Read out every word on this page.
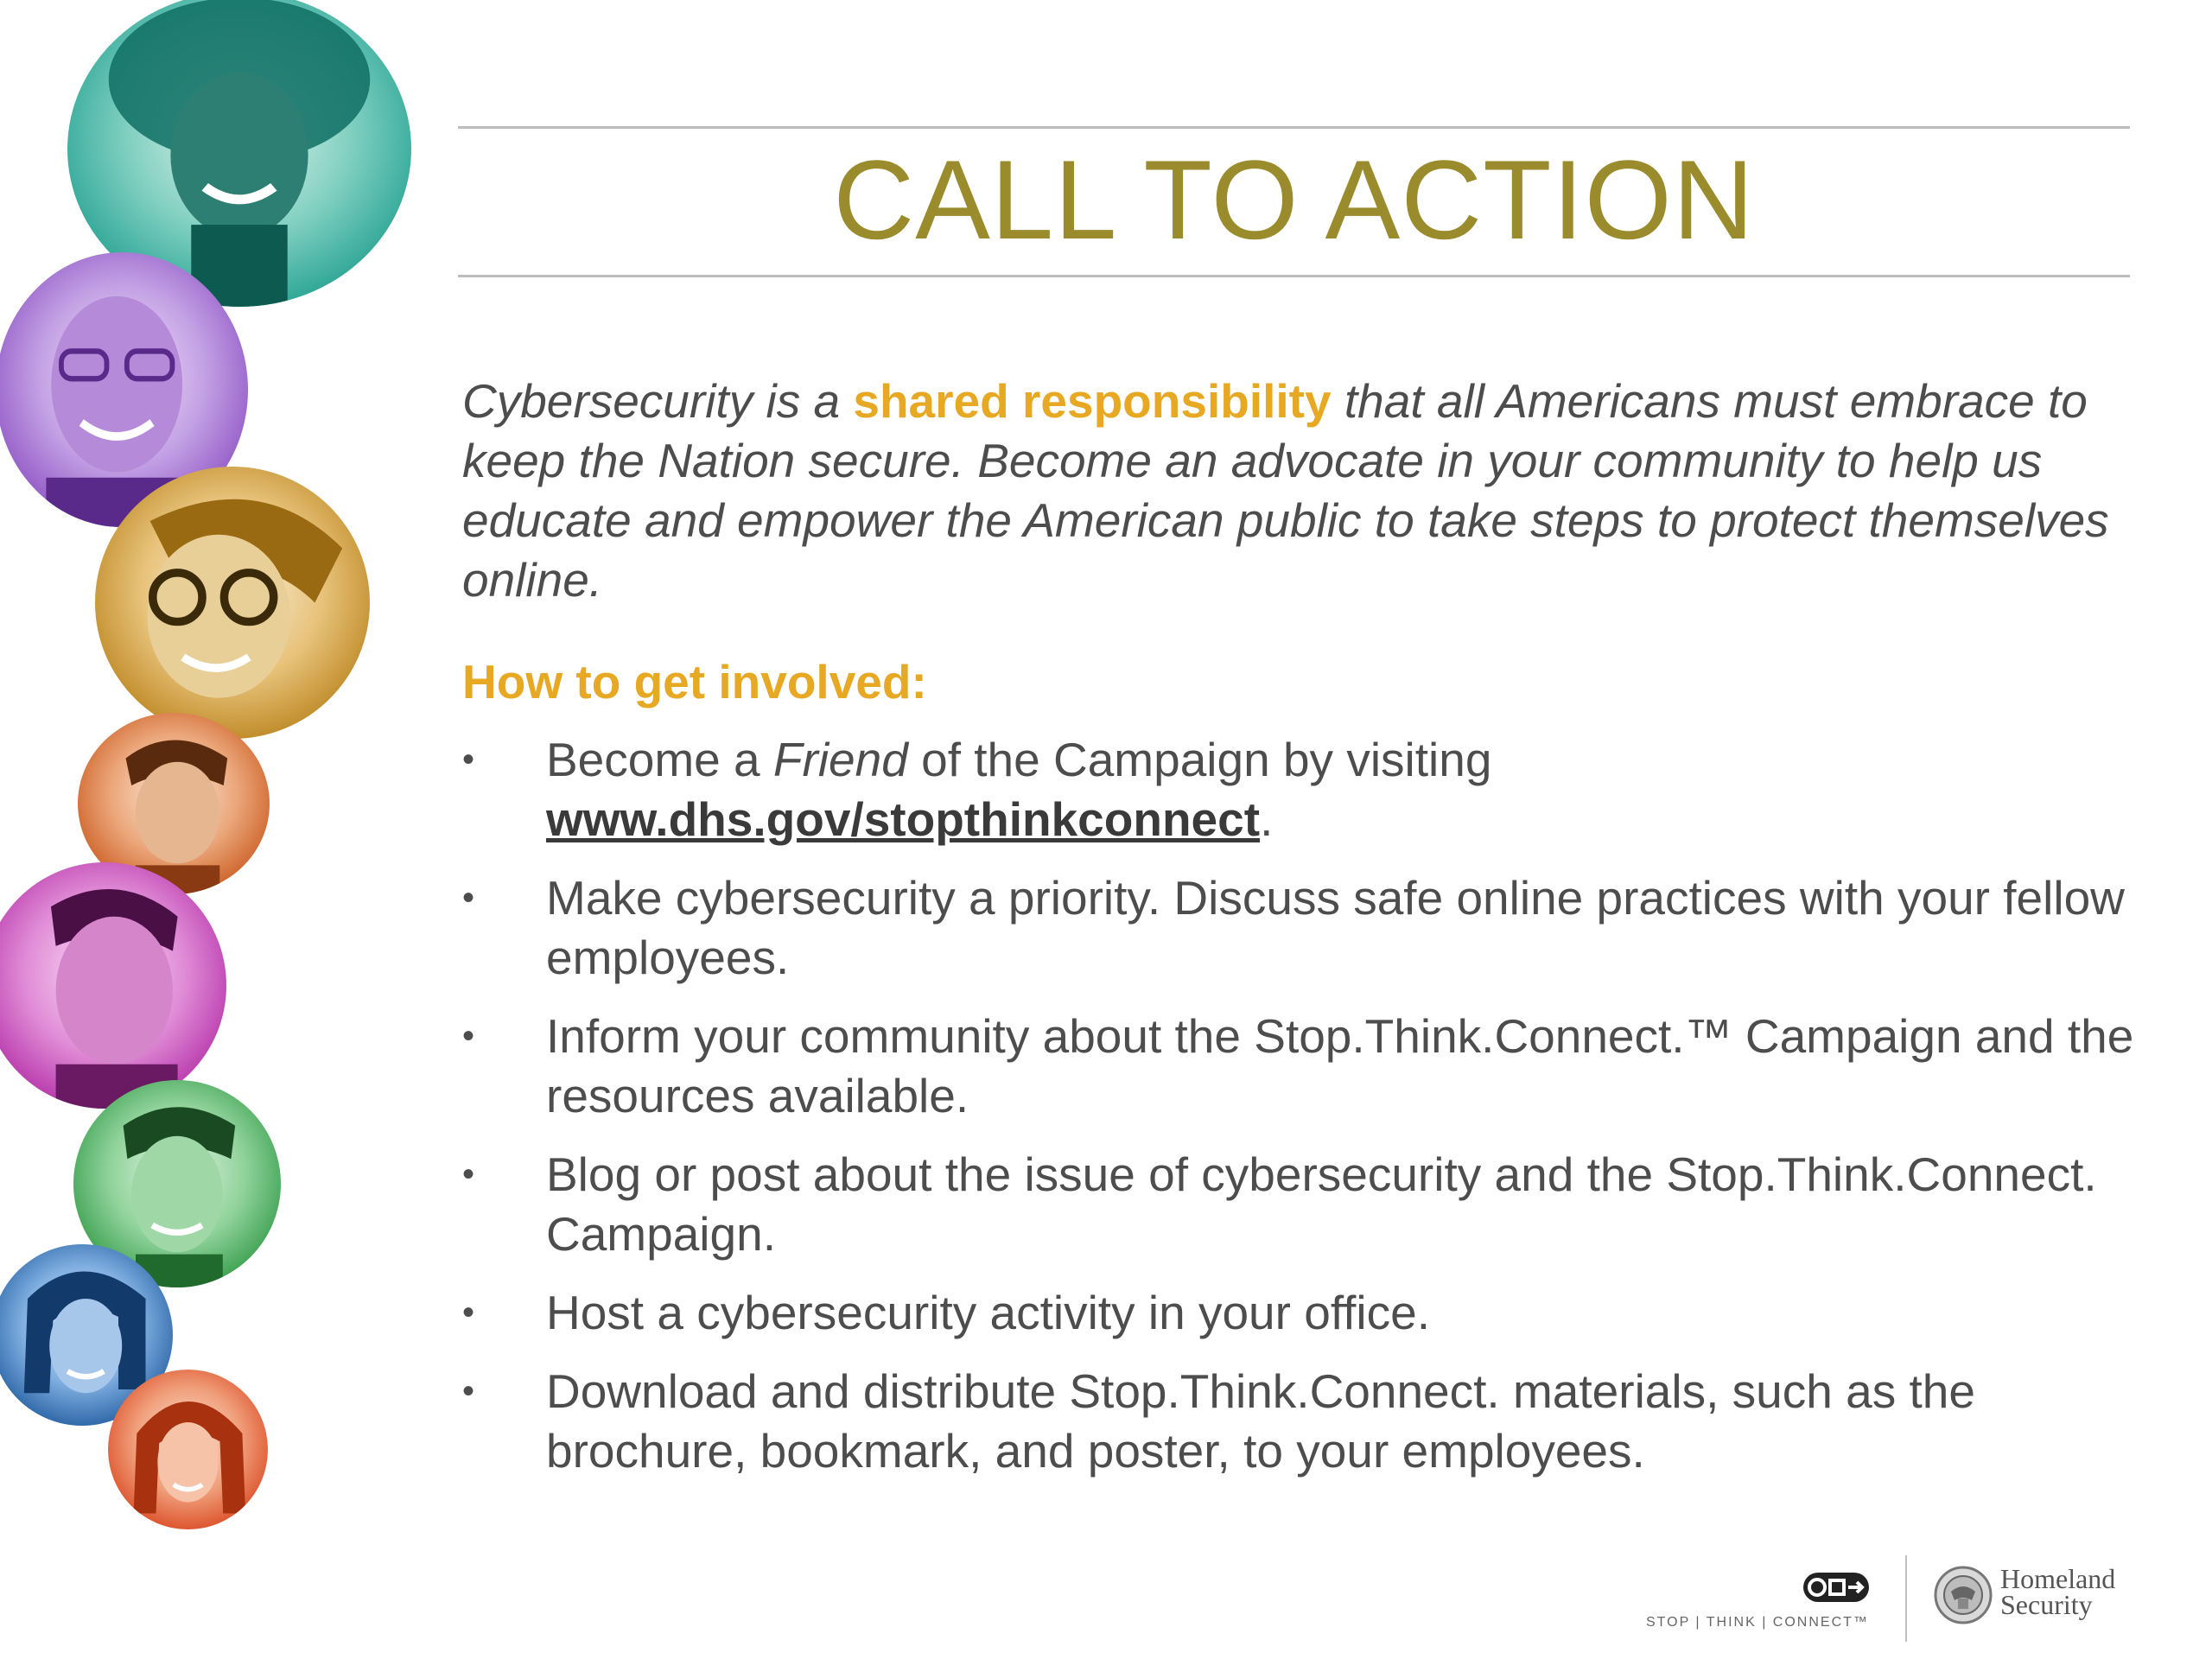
CALL TO ACTION
Cybersecurity is a shared responsibility that all Americans must embrace to keep the Nation secure. Become an advocate in your community to help us educate and empower the American public to take steps to protect themselves online.
How to get involved:
•	Become a Friend of the Campaign by visiting
www.dhs.gov/stopthinkconnect.
•	Make cybersecurity a priority. Discuss safe online practices with your fellow employees.
•	Inform your community about the Stop.Think.Connect.™ Campaign and the resources available.
•	Blog or post about the issue of cybersecurity and the Stop.Think.Connect. Campaign.
•	Host a cybersecurity activity in your office.
•	Download and distribute Stop.Think.Connect. materials, such as the brochure, bookmark, and poster, to your employees.
STOP | THINK | CONNECT™
Homeland
Security
